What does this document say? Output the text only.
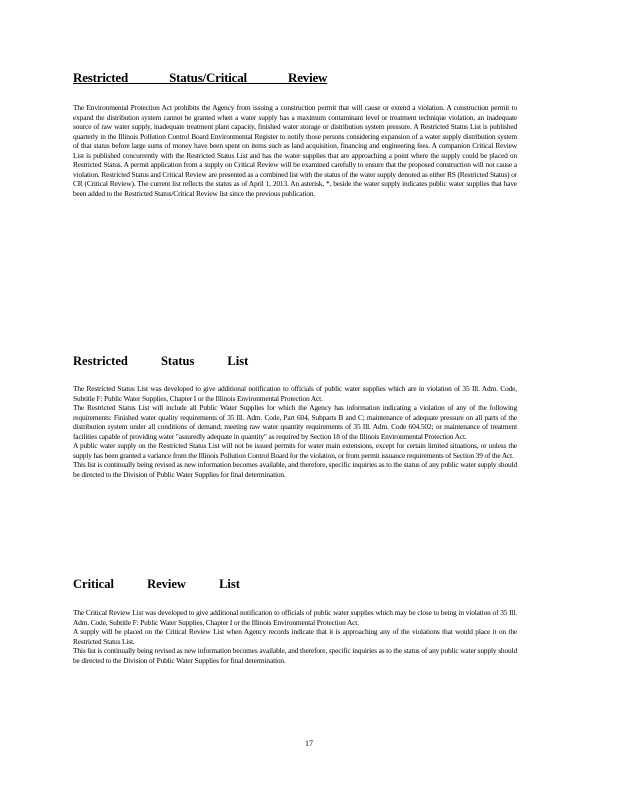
Restricted Status/Critical Review

The Environmental Protection Act prohibits the Agency from issuing a construction permit that will cause or extend a violation. A construction permit to expand the distribution system cannot be granted when a water supply has a maximum contaminant level or treatment technique violation, an inadequate source of raw water supply, inadequate treatment plant capacity, finished water storage or distribution system pressure. A Restricted Status List is published quarterly in the Illinois Pollution Control Board Environmental Register to notify those persons considering expansion of a water supply distribution system of that status before large sums of money have been spent on items such as land acquisition, financing and engineering fees. A companion Critical Review List is published concurrently with the Restricted Status List and has the water supplies that are approaching a point where the supply could be placed on Restricted Status. A permit application from a supply on Critical Review will be examined carefully to ensure that the proposed construction will not cause a violation. Restricted Status and Critical Review are presented as a combined list with the status of the water supply denoted as either RS (Restricted Status) or CR (Critical Review). The current list reflects the status as of April 1, 2013. An asterisk, *, beside the water supply indicates public water supplies that have been added to the Restricted Status/Critical Review list since the previous publication.

Restricted Status List

The Restricted Status List was developed to give additional notification to officials of public water supplies which are in violation of 35 Ill. Adm. Code, Subtitle F: Public Water Supplies, Chapter I or the Illinois Environmental Protection Act.

The Restricted Status List will include all Public Water Supplies for which the Agency has information indicating a violation of any of the following requirements: Finished water quality requirements of 35 Ill. Adm. Code, Part 604, Subparts B and C; maintenance of adequate pressure on all parts of the distribution system under all conditions of demand; meeting raw water quantity requirements of 35 Ill. Adm. Code 604.502; or maintenance of treatment facilities capable of providing water "assuredly adequate in quantity" as required by Section 18 of the Illinois Environmental Protection Act.

A public water supply on the Restricted Status List will not be issued permits for water main extensions, except for certain limited situations, or unless the supply has been granted a variance from the Illinois Pollution Control Board for the violation, or from permit issuance requirements of Section 39 of the Act.

This list is continually being revised as new information becomes available, and therefore, specific inquiries as to the status of any public water supply should be directed to the Division of Public Water Supplies for final determination.

Critical Review List

The Critical Review List was developed to give additional notification to officials of public water supplies which may be close to being in violation of 35 Ill. Adm. Code, Subtitle F: Public Water Supplies, Chapter I or the Illinois Environmental Protection Act.

A supply will be placed on the Critical Review List when Agency records indicate that it is approaching any of the violations that would place it on the Restricted Status List.

This list is continually being revised as new information becomes available, and therefore, specific inquiries as to the status of any public water supply should be directed to the Division of Public Water Supplies for final determination.

17
